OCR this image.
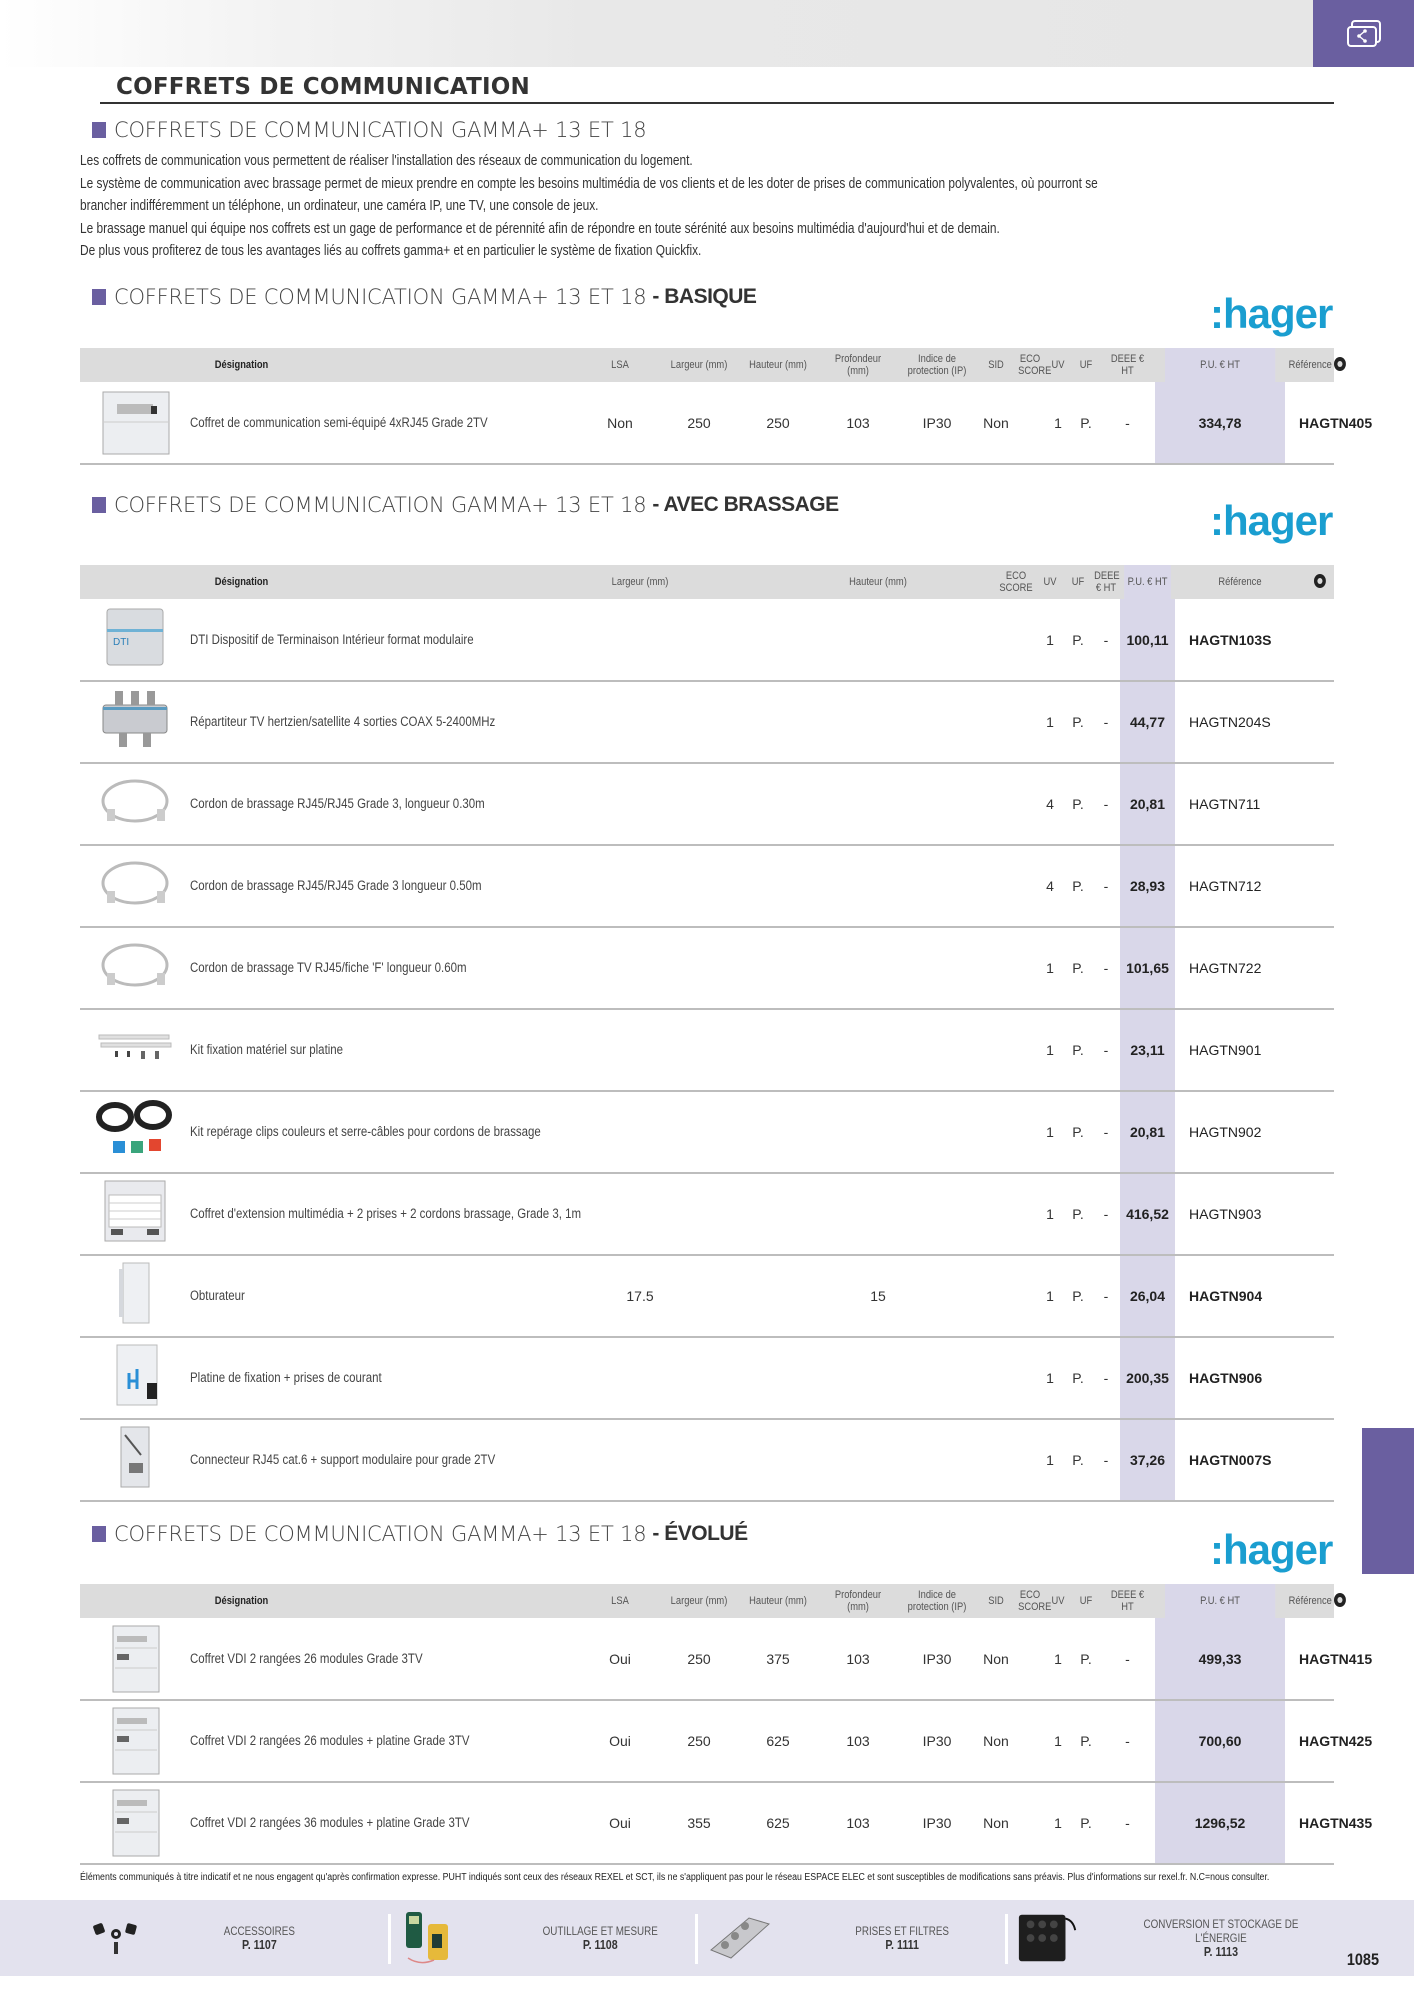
COFFRETS DE COMMUNICATION
COFFRETS DE COMMUNICATION GAMMA+ 13 ET 18
Les coffrets de communication vous permettent de réaliser l'installation des réseaux de communication du logement.
Le système de communication avec brassage permet de mieux prendre en compte les besoins multimédia de vos clients et de les doter de prises de communication polyvalentes, où pourront se
brancher indifféremment un téléphone, un ordinateur, une caméra IP, une TV, une console de jeux.
Le brassage manuel qui équipe nos coffrets est un gage de performance et de pérennité afin de répondre en toute sérénité aux besoins multimédia d'aujourd'hui et de demain.
De plus vous profiterez de tous les avantages liés au coffrets gamma+ et en particulier le système de fixation Quickfix.
COFFRETS DE COMMUNICATION GAMMA+ 13 ET 18 - BASIQUE	:hager
	Désignation		LSA	Largeur (mm)	Hauteur (mm)	Profondeur (mm)	Indice de protection (IP)	SID	ECO SCORE	UV	UF	DEEE € HT	P.U. € HT	Référence	

	Coffret de communication semi-équipé 4xRJ45 Grade 2TV		Non	250	250	103	IP30	Non		1	P.	-	334,78	HAGTN405	
COFFRETS DE COMMUNICATION GAMMA+ 13 ET 18 - AVEC BRASSAGE	:hager
	Désignation	Largeur (mm)	Hauteur (mm)	ECO SCORE	UV	UF	DEEE € HT	P.U. € HT	Référence	

DTI	DTI Dispositif de Terminaison Intérieur format modulaire				1	P.	-	100,11	HAGTN103S	

	Répartiteur TV hertzien/satellite 4 sorties COAX 5-2400MHz				1	P.	-	44,77	HAGTN204S	

	Cordon de brassage RJ45/RJ45 Grade 3, longueur 0.30m				4	P.	-	20,81	HAGTN711	

	Cordon de brassage RJ45/RJ45 Grade 3 longueur 0.50m				4	P.	-	28,93	HAGTN712	

	Cordon de brassage TV RJ45/fiche 'F' longueur 0.60m				1	P.	-	101,65	HAGTN722	

	Kit fixation matériel sur platine				1	P.	-	23,11	HAGTN901	

	Kit repérage clips couleurs et serre-câbles pour cordons de brassage				1	P.	-	20,81	HAGTN902	

	Coffret d'extension multimédia + 2 prises + 2 cordons brassage, Grade 3, 1m				1	P.	-	416,52	HAGTN903	

	Obturateur	17.5	15		1	P.	-	26,04	HAGTN904	

	Platine de fixation + prises de courant				1	P.	-	200,35	HAGTN906	

	Connecteur RJ45 cat.6 + support modulaire pour grade 2TV				1	P.	-	37,26	HAGTN007S	
COFFRETS DE COMMUNICATION GAMMA+ 13 ET 18 - ÉVOLUÉ	:hager
	Désignation		LSA	Largeur (mm)	Hauteur (mm)	Profondeur (mm)	Indice de protection (IP)	SID	ECO SCORE	UV	UF	DEEE € HT	P.U. € HT	Référence	

	Coffret VDI 2 rangées 26 modules Grade 3TV		Oui	250	375	103	IP30	Non		1	P.	-	499,33	HAGTN415	

	Coffret VDI 2 rangées 26 modules + platine Grade 3TV		Oui	250	625	103	IP30	Non		1	P.	-	700,60	HAGTN425	

	Coffret VDI 2 rangées 36 modules + platine Grade 3TV		Oui	355	625	103	IP30	Non		1	P.	-	1296,52	HAGTN435	
Éléments communiqués à titre indicatif et ne nous engagent qu'après confirmation expresse. PUHT indiqués sont ceux des réseaux REXEL et SCT, ils ne s'appliquent pas pour le réseau ESPACE ELEC et sont susceptibles de modifications sans préavis. Plus d'informations sur rexel.fr. N.C=nous consulter.
ACCESSOIRES
P. 1107
OUTILLAGE ET MESURE
P. 1108
PRISES ET FILTRES
P. 1111
CONVERSION ET STOCKAGE DE L'ÉNERGIE
P. 1113	1085
